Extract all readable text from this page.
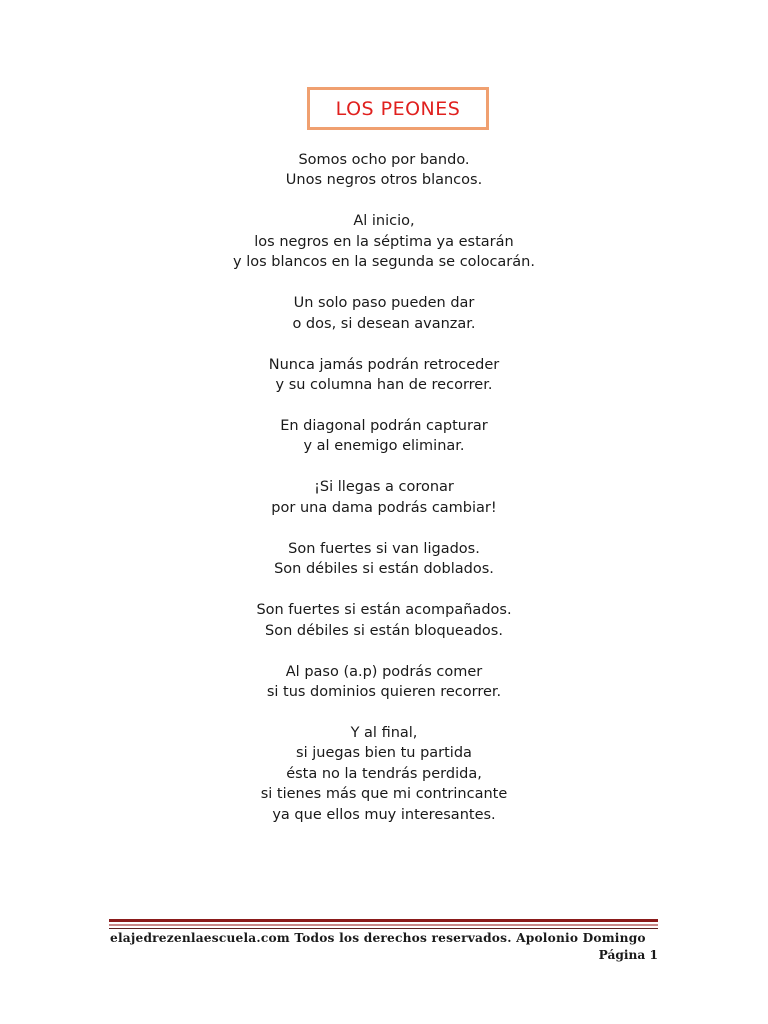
LOS PEONES
Somos ocho por bando.
Unos negros otros blancos.
Al inicio,
los negros en la séptima ya estarán
y los blancos en la segunda se colocarán.
Un solo paso pueden dar
o dos, si desean avanzar.
Nunca jamás podrán retroceder
y su columna han de recorrer.
En diagonal podrán capturar
y al enemigo eliminar.
¡Si llegas a coronar
por una dama podrás cambiar!
Son fuertes si van ligados.
Son débiles si están doblados.
Son fuertes si están acompañados.
Son débiles si están bloqueados.
Al paso (a.p) podrás comer
si tus dominios quieren recorrer.
Y al final,
si juegas bien tu partida
ésta no la tendrás perdida,
si tienes más que mi contrincante
ya que ellos muy interesantes.
elajedrezenlaescuela.com Todos los derechos reservados. Apolonio Domingo
Página 1
